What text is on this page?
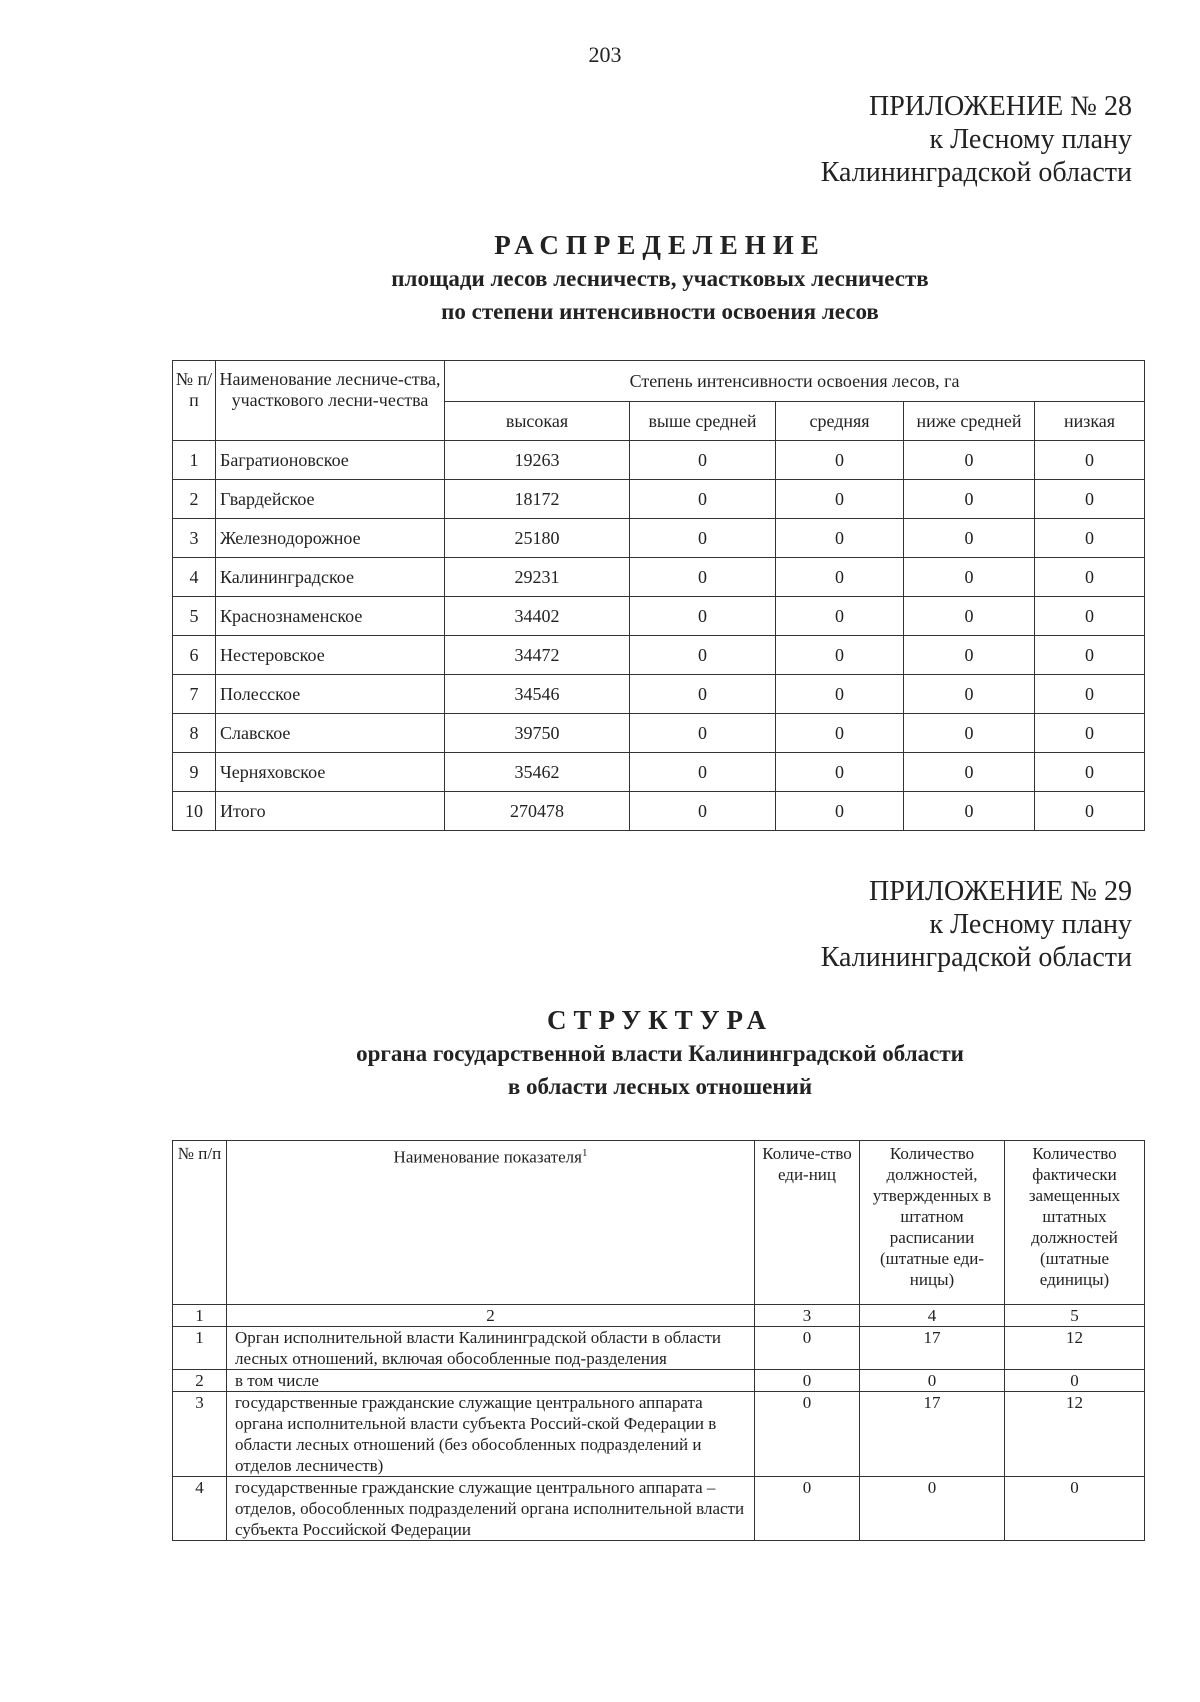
203
ПРИЛОЖЕНИЕ № 28
к Лесному плану
Калининградской области
РАСПРЕДЕЛЕНИЕ
площади лесов лесничеств, участковых лесничеств
по степени интенсивности освоения лесов
№ п/п	Наименование лесниче-ства, участкового лесни-чества	Степень интенсивности освоения лесов, га				
		высокая	выше средней	средняя	ниже средней	низкая
1	Багратионовское	19263	0	0	0	0
2	Гвардейское	18172	0	0	0	0
3	Железнодорожное	25180	0	0	0	0
4	Калининградское	29231	0	0	0	0
5	Краснознаменское	34402	0	0	0	0
6	Нестеровское	34472	0	0	0	0
7	Полесское	34546	0	0	0	0
8	Славское	39750	0	0	0	0
9	Черняховское	35462	0	0	0	0
10	Итого	270478	0	0	0	0
ПРИЛОЖЕНИЕ № 29
к Лесному плану
Калининградской области
СТРУКТУРА
органа государственной власти Калининградской области
в области лесных отношений
№ п/п	Наименование показателя$^1$	Количе-ство еди-ниц	Количество должностей, утвержденных в штатном расписании (штатные еди-ницы)	Количество фактически замещенных штатных должностей (штатные единицы)
1	2	3	4	5
1	Орган исполнительной власти Калининградской области в области лесных отношений, включая обособленные под-разделения	0	17	12
2	в том числе	0	0	0
3	государственные гражданские служащие центрального аппарата органа исполнительной власти субъекта Россий-ской Федерации в области лесных отношений (без обособленных подразделений и отделов лесничеств)	0	17	12
4	государственные гражданские служащие центрального аппарата – отделов, обособленных подразделений органа исполнительной власти субъекта Российской Федерации	0	0	0
